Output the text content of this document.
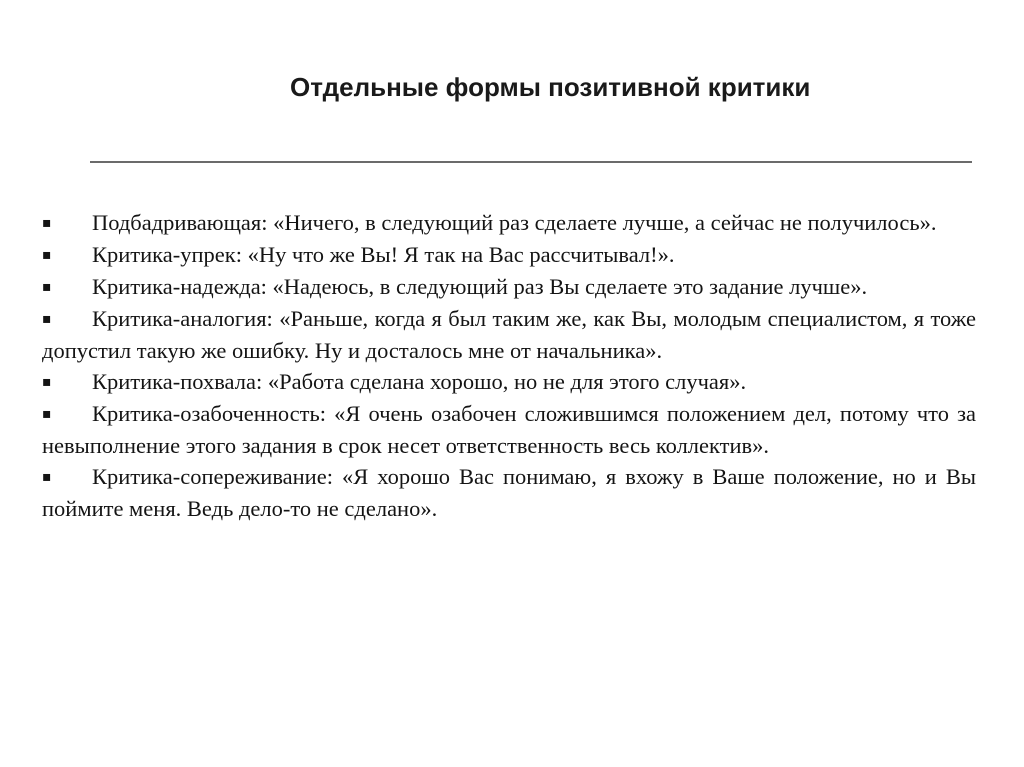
Отдельные формы позитивной критики
▪ Подбадривающая: «Ничего, в следующий раз сделаете лучше, а сейчас не получилось».
▪ Критика-упрек: «Ну что же Вы! Я так на Вас рассчитывал!».
▪ Критика-надежда: «Надеюсь, в следующий раз Вы сделаете это задание лучше».
▪ Критика-аналогия: «Раньше, когда я был таким же, как Вы, молодым специалистом, я тоже допустил такую же ошибку. Ну и досталось мне от начальника».
▪ Критика-похвала: «Работа сделана хорошо, но не для этого случая».
▪ Критика-озабоченность: «Я очень озабочен сложившимся положением дел, потому что за невыполнение этого задания в срок несет ответственность весь коллектив».
▪ Критика-сопереживание: «Я хорошо Вас понимаю, я вхожу в Ваше положение, но и Вы поймите меня. Ведь дело-то не сделано».
